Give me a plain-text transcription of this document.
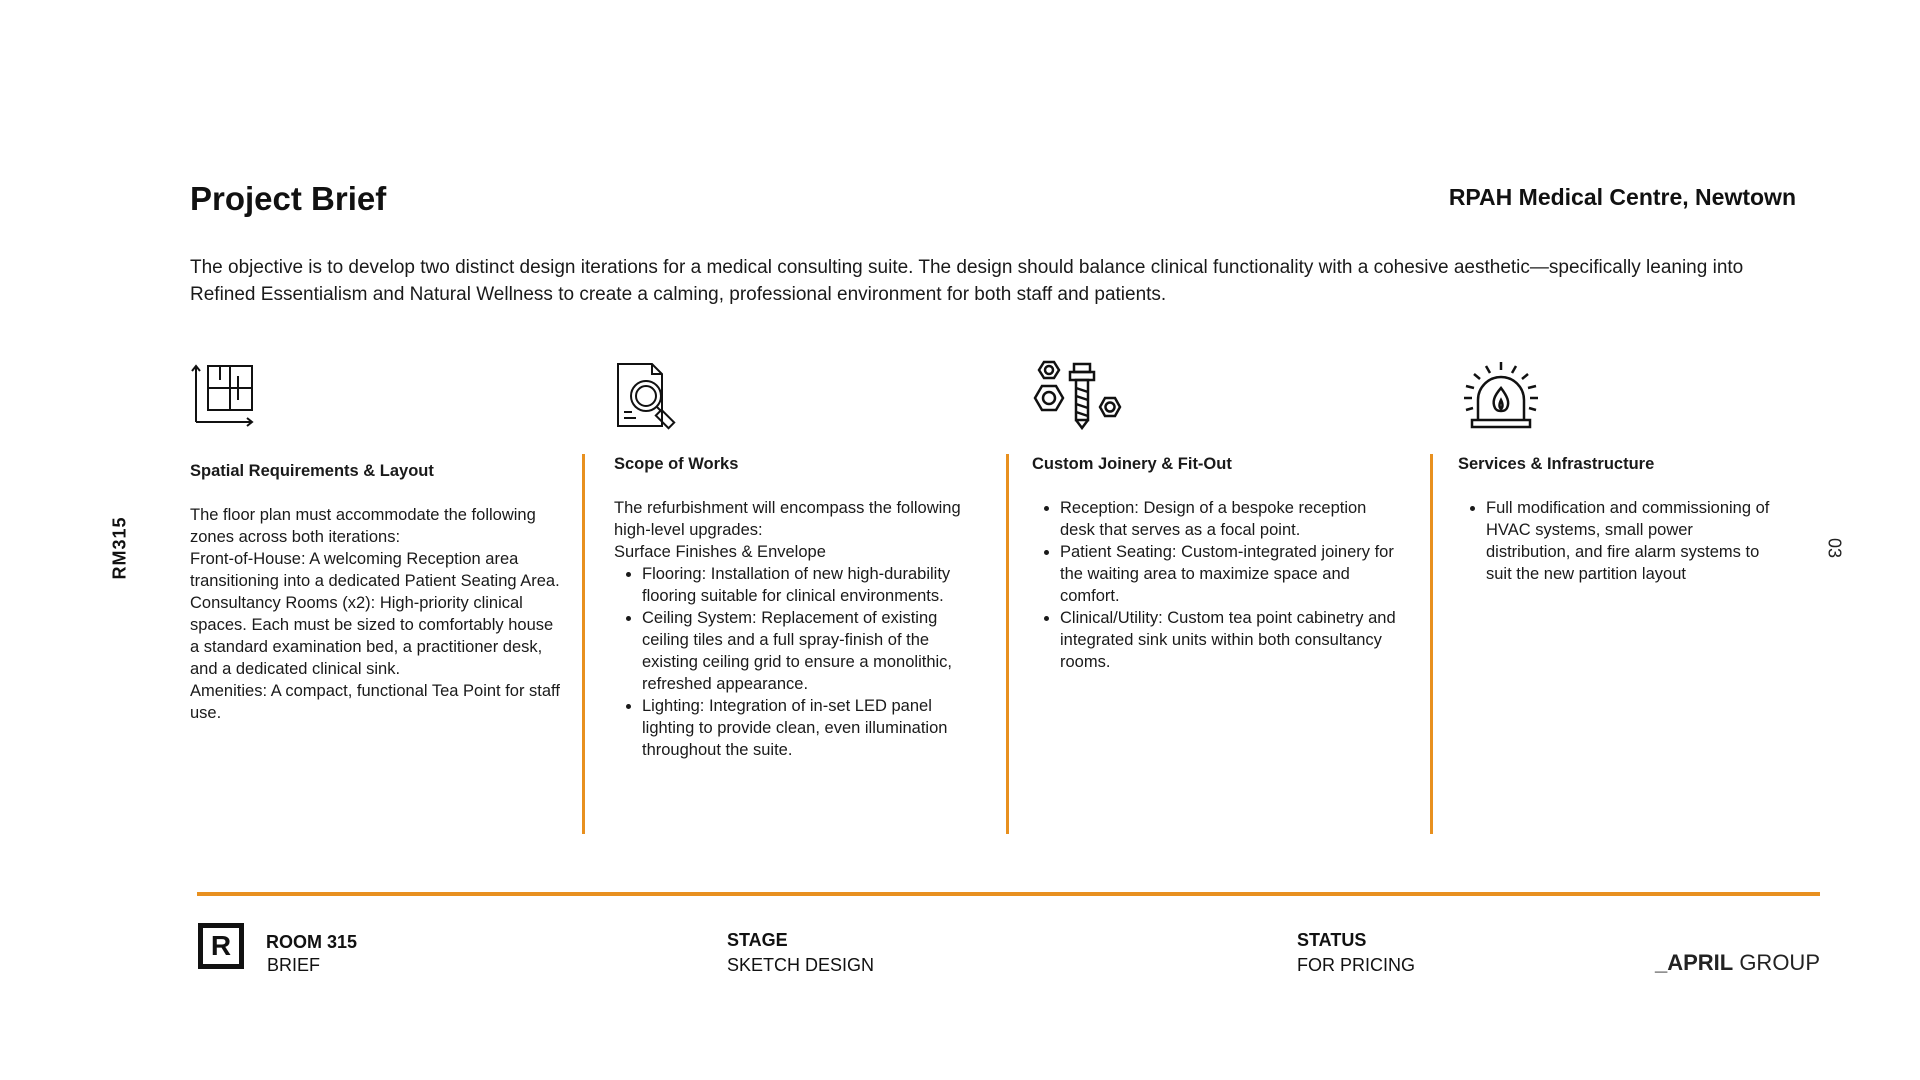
Project Brief	RPAH Medical Centre, Newtown
The objective is to develop two distinct design iterations for a medical consulting suite. The design should balance clinical functionality with a cohesive aesthetic—specifically leaning into Refined Essentialism and Natural Wellness to create a calming, professional environment for both staff and patients.
RM315	03
Spatial Requirements & Layout

The floor plan must accommodate the following zones across both iterations:

Front-of-House: A welcoming Reception area transitioning into a dedicated Patient Seating Area.

Consultancy Rooms (x2): High-priority clinical spaces. Each must be sized to comfortably house a standard examination bed, a practitioner desk, and a dedicated clinical sink.

Amenities: A compact, functional Tea Point for staff use.

Scope of Works

The refurbishment will encompass the following high-level upgrades:

Surface Finishes & Envelope

• Flooring: Installation of new high-durability flooring suitable for clinical environments.
• Ceiling System: Replacement of existing ceiling tiles and a full spray-finish of the existing ceiling grid to ensure a monolithic, refreshed appearance.
• Lighting: Integration of in-set LED panel lighting to provide clean, even illumination throughout the suite.
Custom Joinery & Fit-Out
• Reception: Design of a bespoke reception desk that serves as a focal point.
• Patient Seating: Custom-integrated joinery for the waiting area to maximize space and comfort.
• Clinical/Utility: Custom tea point cabinetry and integrated sink units within both consultancy rooms.
Services & Infrastructure
• Full modification and commissioning of HVAC systems, small power distribution, and fire alarm systems to suit the new partition layout
R	ROOM 315
BRIEF
STAGE
SKETCH DESIGN
STATUS
FOR PRICING	_APRIL GROUP
